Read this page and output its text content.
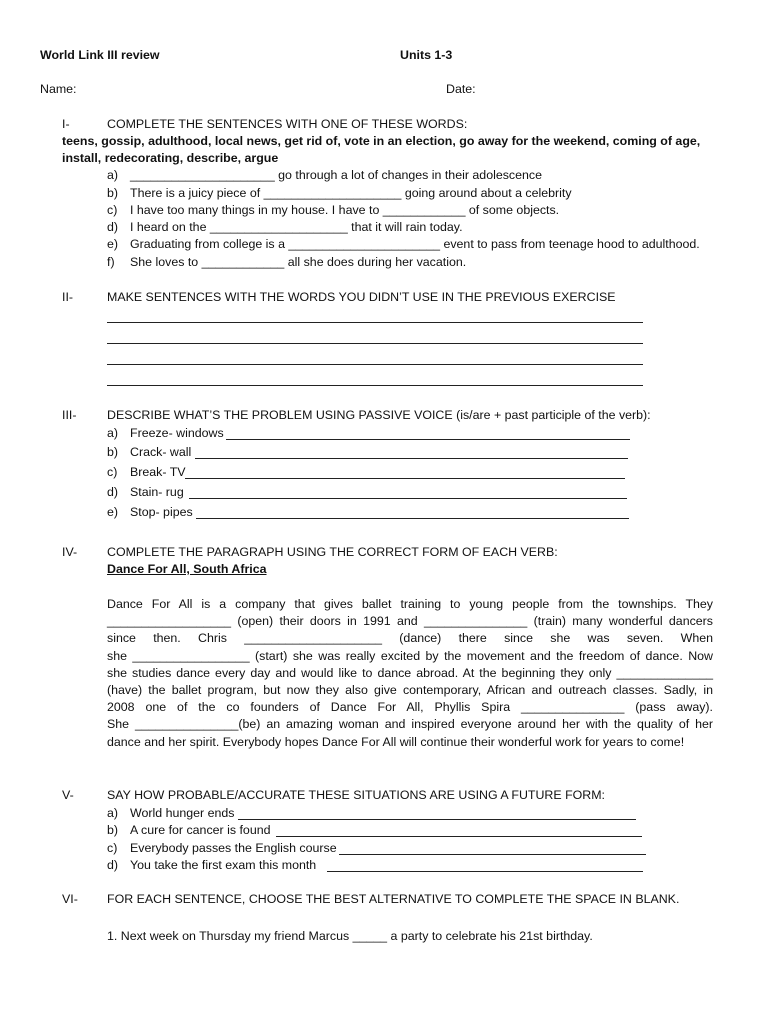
World Link III review	Units 1-3
Name:	Date:
I-	COMPLETE THE SENTENCES WITH ONE OF THESE WORDS:
teens, gossip, adulthood, local news, get rid of, vote in an election, go away for the weekend, coming of age,
install, redecorating, describe, argue
a) _____________________ go through a lot of changes in their adolescence
b) There is a juicy piece of ____________________ going around about a celebrity
c) I have too many things in my house. I have to ____________ of some objects.
d) I heard on the ____________________ that it will rain today.
e) Graduating from college is a ______________________ event to pass from teenage hood to adulthood.
f) She loves to ____________ all she does during her vacation.
II-	MAKE SENTENCES WITH THE WORDS YOU DIDN’T USE IN THE PREVIOUS EXERCISE
III- DESCRIBE WHAT’S THE PROBLEM USING PASSIVE VOICE (is/are + past participle of the verb):
a) Freeze- windows
b) Crack- wall
c) Break- TV
d) Stain- rug
e) Stop- pipes
IV- COMPLETE THE PARAGRAPH USING THE CORRECT FORM OF EACH VERB:
Dance For All, South Africa
Dance For All is a company that gives ballet training to young people from the townships. They
__________________ (open) their doors in 1991 and _______________ (train) many wonderful dancers
since then. Chris ____________________ (dance) there since she was seven. When
she _________________ (start) she was really excited by the movement and the freedom of dance. Now
she studies dance every day and would like to dance abroad. At the beginning they only ______________
(have) the ballet program, but now they also give contemporary, African and outreach classes. Sadly, in
2008 one of the co founders of Dance For All, Phyllis Spira _______________ (pass away).
She _______________(be) an amazing woman and inspired everyone around her with the quality of her
dance and her spirit. Everybody hopes Dance For All will continue their wonderful work for years to come!
V-	SAY HOW PROBABLE/ACCURATE THESE SITUATIONS ARE USING A FUTURE FORM:
a) World hunger ends
b) A cure for cancer is found
c) Everybody passes the English course
d) You take the first exam this month
VI- FOR EACH SENTENCE, CHOOSE THE BEST ALTERNATIVE TO COMPLETE THE SPACE IN BLANK.
1. Next week on Thursday my friend Marcus _____ a party to celebrate his 21st birthday.
